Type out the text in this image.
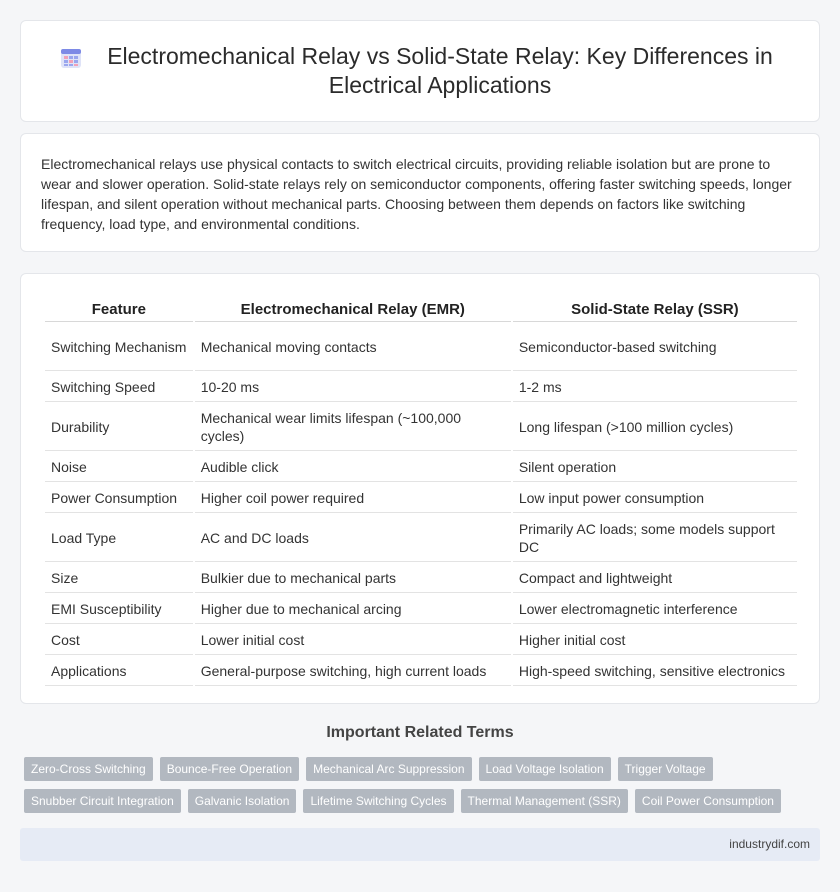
Electromechanical Relay vs Solid-State Relay: Key Differences in Electrical Applications

Electromechanical relays use physical contacts to switch electrical circuits, providing reliable isolation but are prone to wear and slower operation. Solid-state relays rely on semiconductor components, offering faster switching speeds, longer lifespan, and silent operation without mechanical parts. Choosing between them depends on factors like switching frequency, load type, and environmental conditions.

Feature	Electromechanical Relay (EMR)	Solid-State Relay (SSR)
Switching Mechanism	Mechanical moving contacts	Semiconductor-based switching
Switching Speed	10-20 ms	1-2 ms
Durability	Mechanical wear limits lifespan (~100,000 cycles)	Long lifespan (>100 million cycles)
Noise	Audible click	Silent operation
Power Consumption	Higher coil power required	Low input power consumption
Load Type	AC and DC loads	Primarily AC loads; some models support DC
Size	Bulkier due to mechanical parts	Compact and lightweight
EMI Susceptibility	Higher due to mechanical arcing	Lower electromagnetic interference
Cost	Lower initial cost	Higher initial cost
Applications	General-purpose switching, high current loads	High-speed switching, sensitive electronics
Important Related Terms
Zero-Cross Switching	Bounce-Free Operation	Mechanical Arc Suppression	Load Voltage Isolation	Trigger Voltage
Snubber Circuit Integration	Galvanic Isolation	Lifetime Switching Cycles	Thermal Management (SSR)	Coil Power Consumption
industrydif.com
